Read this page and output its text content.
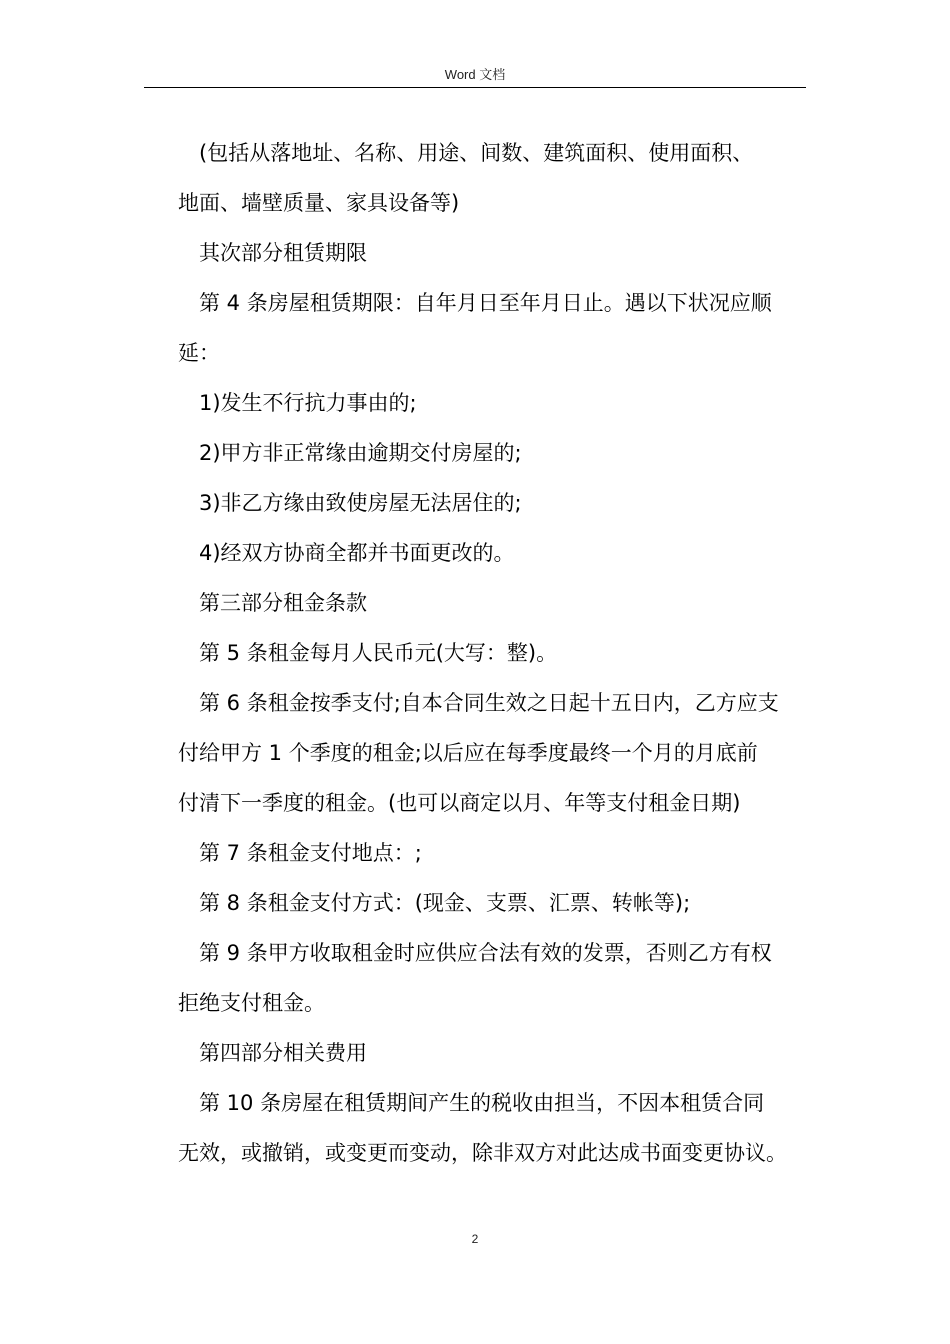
Word 文档

(包括从落地址、名称、用途、间数、建筑面积、使用面积、

地面、墙壁质量、家具设备等)

其次部分租赁期限

第 4 条房屋租赁期限：自年月日至年月日止。遇以下状况应顺

延：

1)发生不行抗力事由的;

2)甲方非正常缘由逾期交付房屋的;

3)非乙方缘由致使房屋无法居住的;

4)经双方协商全都并书面更改的。

第三部分租金条款

第 5 条租金每月人民币元(大写：整)。

第 6 条租金按季支付;自本合同生效之日起十五日内，乙方应支

付给甲方 1 个季度的租金;以后应在每季度最终一个月的月底前

付清下一季度的租金。(也可以商定以月、年等支付租金日期)

第 7 条租金支付地点：;

第 8 条租金支付方式：(现金、支票、汇票、转帐等);

第 9 条甲方收取租金时应供应合法有效的发票，否则乙方有权

拒绝支付租金。

第四部分相关费用

第 10 条房屋在租赁期间产生的税收由担当，不因本租赁合同

无效，或撤销，或变更而变动，除非双方对此达成书面变更协议。

2
